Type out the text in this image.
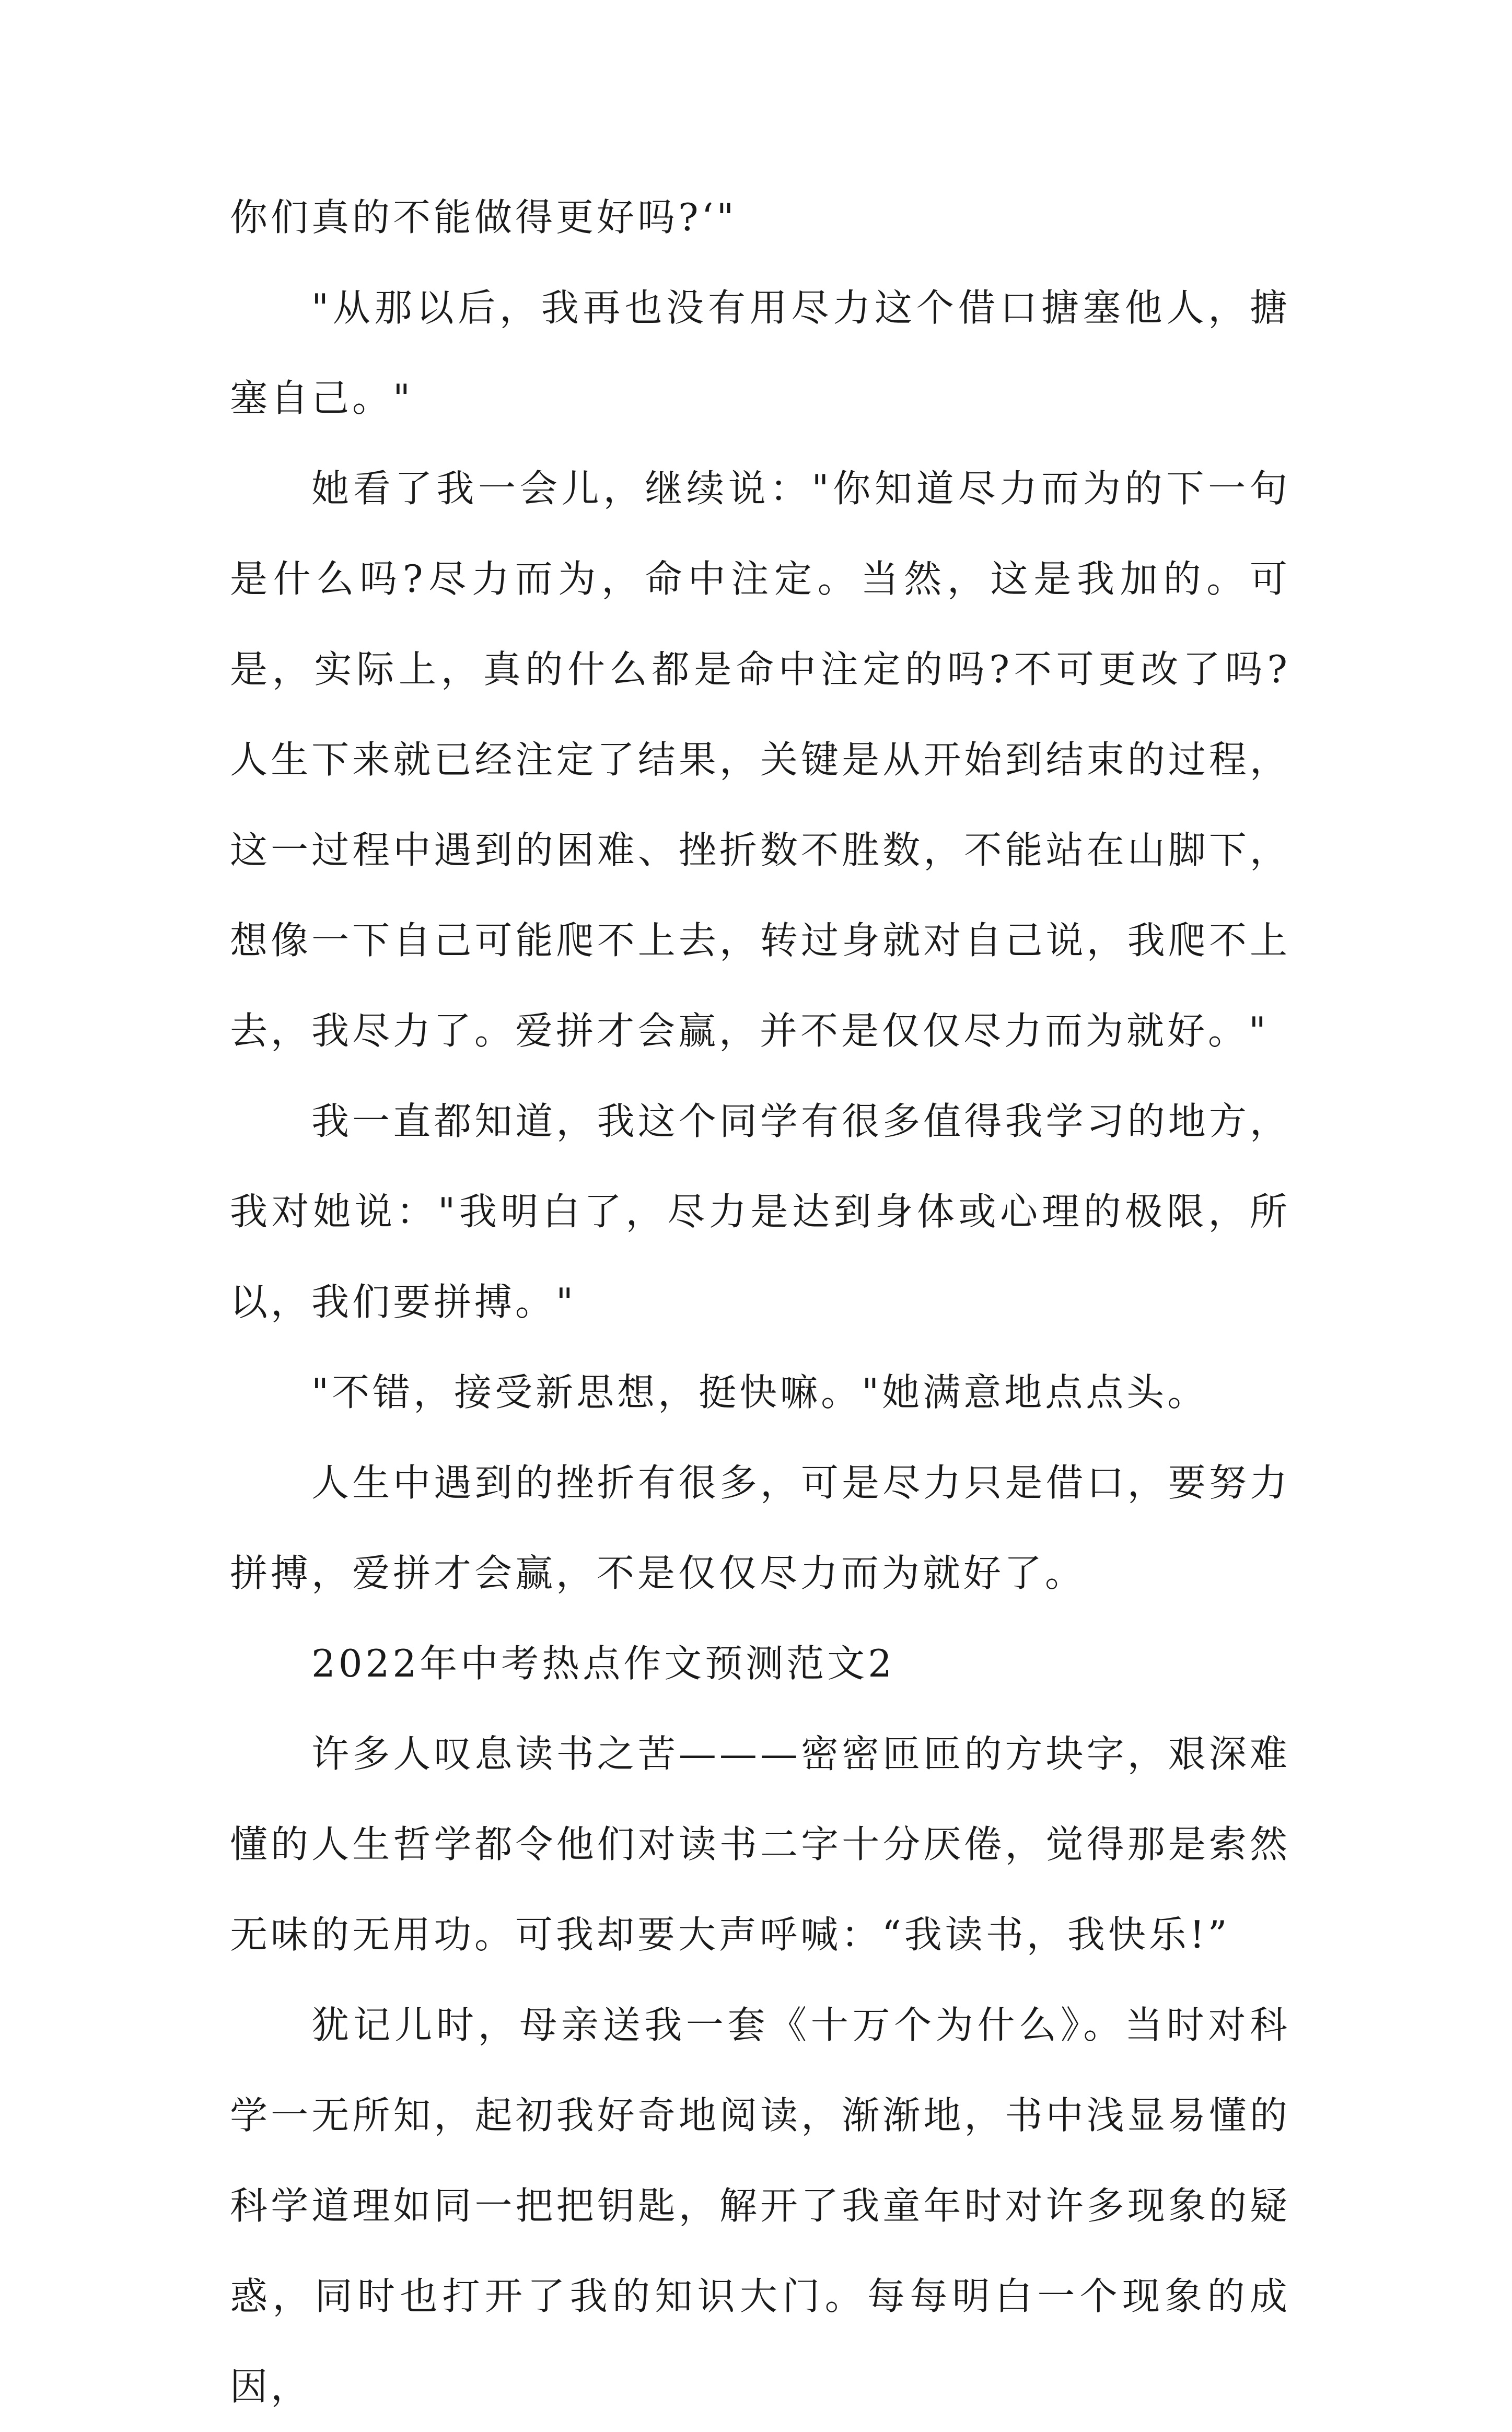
你们真的不能做得更好吗?‘"

"从那以后，我再也没有用尽力这个借口搪塞他人，搪塞自己。"

她看了我一会儿，继续说："你知道尽力而为的下一句是什么吗?尽力而为，命中注定。当然，这是我加的。可是，实际上，真的什么都是命中注定的吗?不可更改了吗?人生下来就已经注定了结果，关键是从开始到结束的过程，这一过程中遇到的困难、挫折数不胜数，不能站在山脚下，想像一下自己可能爬不上去，转过身就对自己说，我爬不上去，我尽力了。爱拼才会赢，并不是仅仅尽力而为就好。"

我一直都知道，我这个同学有很多值得我学习的地方，我对她说："我明白了，尽力是达到身体或心理的极限，所以，我们要拼搏。"

"不错，接受新思想，挺快嘛。"她满意地点点头。

人生中遇到的挫折有很多，可是尽力只是借口，要努力拼搏，爱拼才会赢，不是仅仅尽力而为就好了。

2022年中考热点作文预测范文2

许多人叹息读书之苦———密密匝匝的方块字，艰深难懂的人生哲学都令他们对读书二字十分厌倦，觉得那是索然无味的无用功。可我却要大声呼喊：“我读书，我快乐!”

犹记儿时，母亲送我一套《十万个为什么》。当时对科学一无所知，起初我好奇地阅读，渐渐地，书中浅显易懂的科学道理如同一把把钥匙，解开了我童年时对许多现象的疑惑，同时也打开了我的知识大门。每每明白一个现象的成因，
